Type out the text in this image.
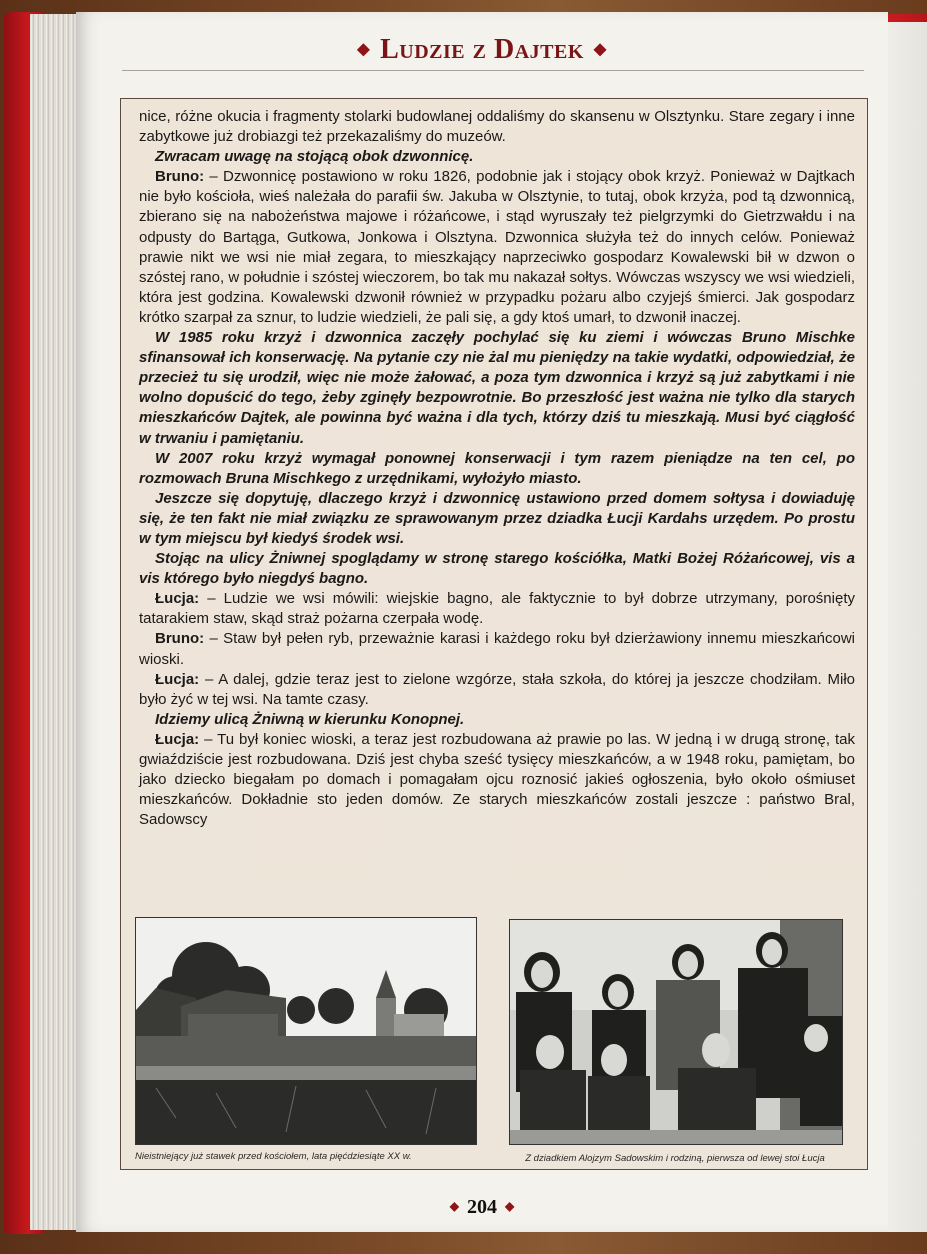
◆ Ludzie z Dajtek ◆

nice, różne okucia i fragmenty stolarki budowlanej oddaliśmy do skansenu w Olsztynku. Stare zegary i inne zabytkowe już drobiazgi też przekazaliśmy do muzeów.

Zwracam uwagę na stojącą obok dzwonnicę.

Bruno: – Dzwonnicę postawiono w roku 1826, podobnie jak i stojący obok krzyż. Ponieważ w Dajtkach nie było kościoła, wieś należała do parafii św. Jakuba w Olsztynie, to tutaj, obok krzyża, pod tą dzwonnicą, zbierano się na nabożeństwa majowe i różańcowe, i stąd wyruszały też pielgrzymki do Gietrzwałdu i na odpusty do Bartąga, Gutkowa, Jonkowa i Olsztyna. Dzwonnica służyła też do innych celów. Ponieważ prawie nikt we wsi nie miał zegara, to mieszkający naprzeciwko gospodarz Kowalewski bił w dzwon o szóstej rano, w południe i szóstej wieczorem, bo tak mu nakazał sołtys. Wówczas wszyscy we wsi wiedzieli, która jest godzina. Kowalewski dzwonił również w przypadku pożaru albo czyjejś śmierci. Jak gospodarz krótko szarpał za sznur, to ludzie wiedzieli, że pali się, a gdy ktoś umarł, to dzwonił inaczej.

W 1985 roku krzyż i dzwonnica zaczęły pochylać się ku ziemi i wówczas Bruno Mischke sfinansował ich konserwację. Na pytanie czy nie żal mu pieniędzy na takie wydatki, odpowiedział, że przecież tu się urodził, więc nie może żałować, a poza tym dzwonnica i krzyż są już zabytkami i nie wolno dopuścić do tego, żeby zginęły bezpowrotnie. Bo przeszłość jest ważna nie tylko dla starych mieszkańców Dajtek, ale powinna być ważna i dla tych, którzy dziś tu mieszkają. Musi być ciągłość w trwaniu i pamiętaniu.

W 2007 roku krzyż wymagał ponownej konserwacji i tym razem pieniądze na ten cel, po rozmowach Bruna Mischkego z urzędnikami, wyłożyło miasto.

Jeszcze się dopytuję, dlaczego krzyż i dzwonnicę ustawiono przed domem sołtysa i dowiaduję się, że ten fakt nie miał związku ze sprawowanym przez dziadka Łucji Kardahs urzędem. Po prostu w tym miejscu był kiedyś środek wsi.

Stojąc na ulicy Żniwnej spoglądamy w stronę starego kościółka, Matki Bożej Różańcowej, vis a vis którego było niegdyś bagno.

Łucja: – Ludzie we wsi mówili: wiejskie bagno, ale faktycznie to był dobrze utrzymany, porośnięty tatarakiem staw, skąd straż pożarna czerpała wodę.

Bruno: – Staw był pełen ryb, przeważnie karasi i każdego roku był dzierżawiony innemu mieszkańcowi wioski.

Łucja: – A dalej, gdzie teraz jest to zielone wzgórze, stała szkoła, do której ja jeszcze chodziłam. Miło było żyć w tej wsi. Na tamte czasy.

Idziemy ulicą Żniwną w kierunku Konopnej.

Łucja: – Tu był koniec wioski, a teraz jest rozbudowana aż prawie po las. W jedną i w drugą stronę, tak gwiaździście jest rozbudowana. Dziś jest chyba sześć tysięcy mieszkańców, a w 1948 roku, pamiętam, bo jako dziecko biegałam po domach i pomagałam ojcu roznosić jakieś ogłoszenia, było około ośmiuset mieszkańców. Dokładnie sto jeden domów. Ze starych mieszkańców zostali jeszcze : państwo Bral, Sadowscy

Nieistniejący już stawek przed kościołem, lata pięćdziesiąte XX w.	Z dziadkiem Alojzym Sadowskim i rodziną, pierwsza od lewej stoi Łucja
◆ 204 ◆
